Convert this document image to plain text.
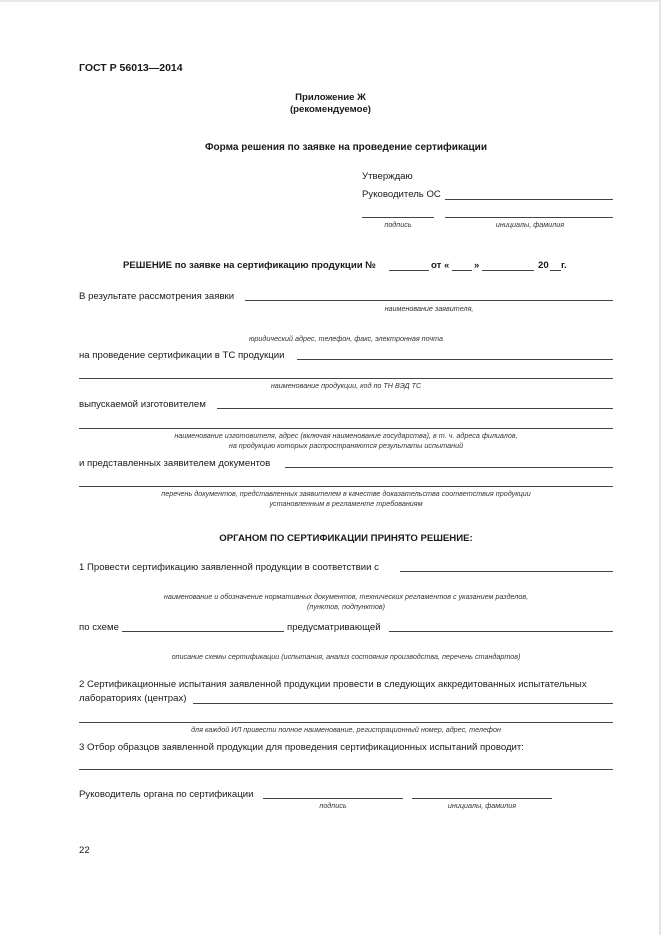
ГОСТ Р 56013—2014
Приложение Ж
(рекомендуемое)
Форма решения по заявке на проведение сертификации
Утверждаю
Руководитель ОС
подпись	инициалы, фамилия
РЕШЕНИЕ по заявке на сертификацию продукции №	от «	»	20 г.
В результате рассмотрения заявки
наименование заявителя,
юридический адрес, телефон, факс, электронная почта
на проведение сертификации в ТС продукции
наименование продукции, код по ТН ВЭД ТС
выпускаемой изготовителем
наименование изготовителя, адрес (включая наименование государства), в т. ч. адреса филиалов,
на продукцию которых распространяются результаты испытаний
и представленных заявителем документов
перечень документов, представленных заявителем в качестве доказательства соответствия продукции
установленным в регламенте требованиям
ОРГАНОМ ПО СЕРТИФИКАЦИИ ПРИНЯТО РЕШЕНИЕ:
1 Провести сертификацию заявленной продукции в соответствии с
наименование и обозначение нормативных документов, технических регламентов с указанием разделов,
(пунктов, подпунктов)
по схеме	предусматривающей
описание схемы сертификации (испытания, анализ состояния производства, перечень стандартов)
2 Сертификационные испытания заявленной продукции провести в следующих аккредитованных испытательных
лабораториях (центрах)
для каждой ИЛ привести полное наименование, регистрационный номер, адрес, телефон
3 Отбор образцов заявленной продукции для проведения сертификационных испытаний проводит:
Руководитель органа по сертификации
подпись	инициалы, фамилия
22
